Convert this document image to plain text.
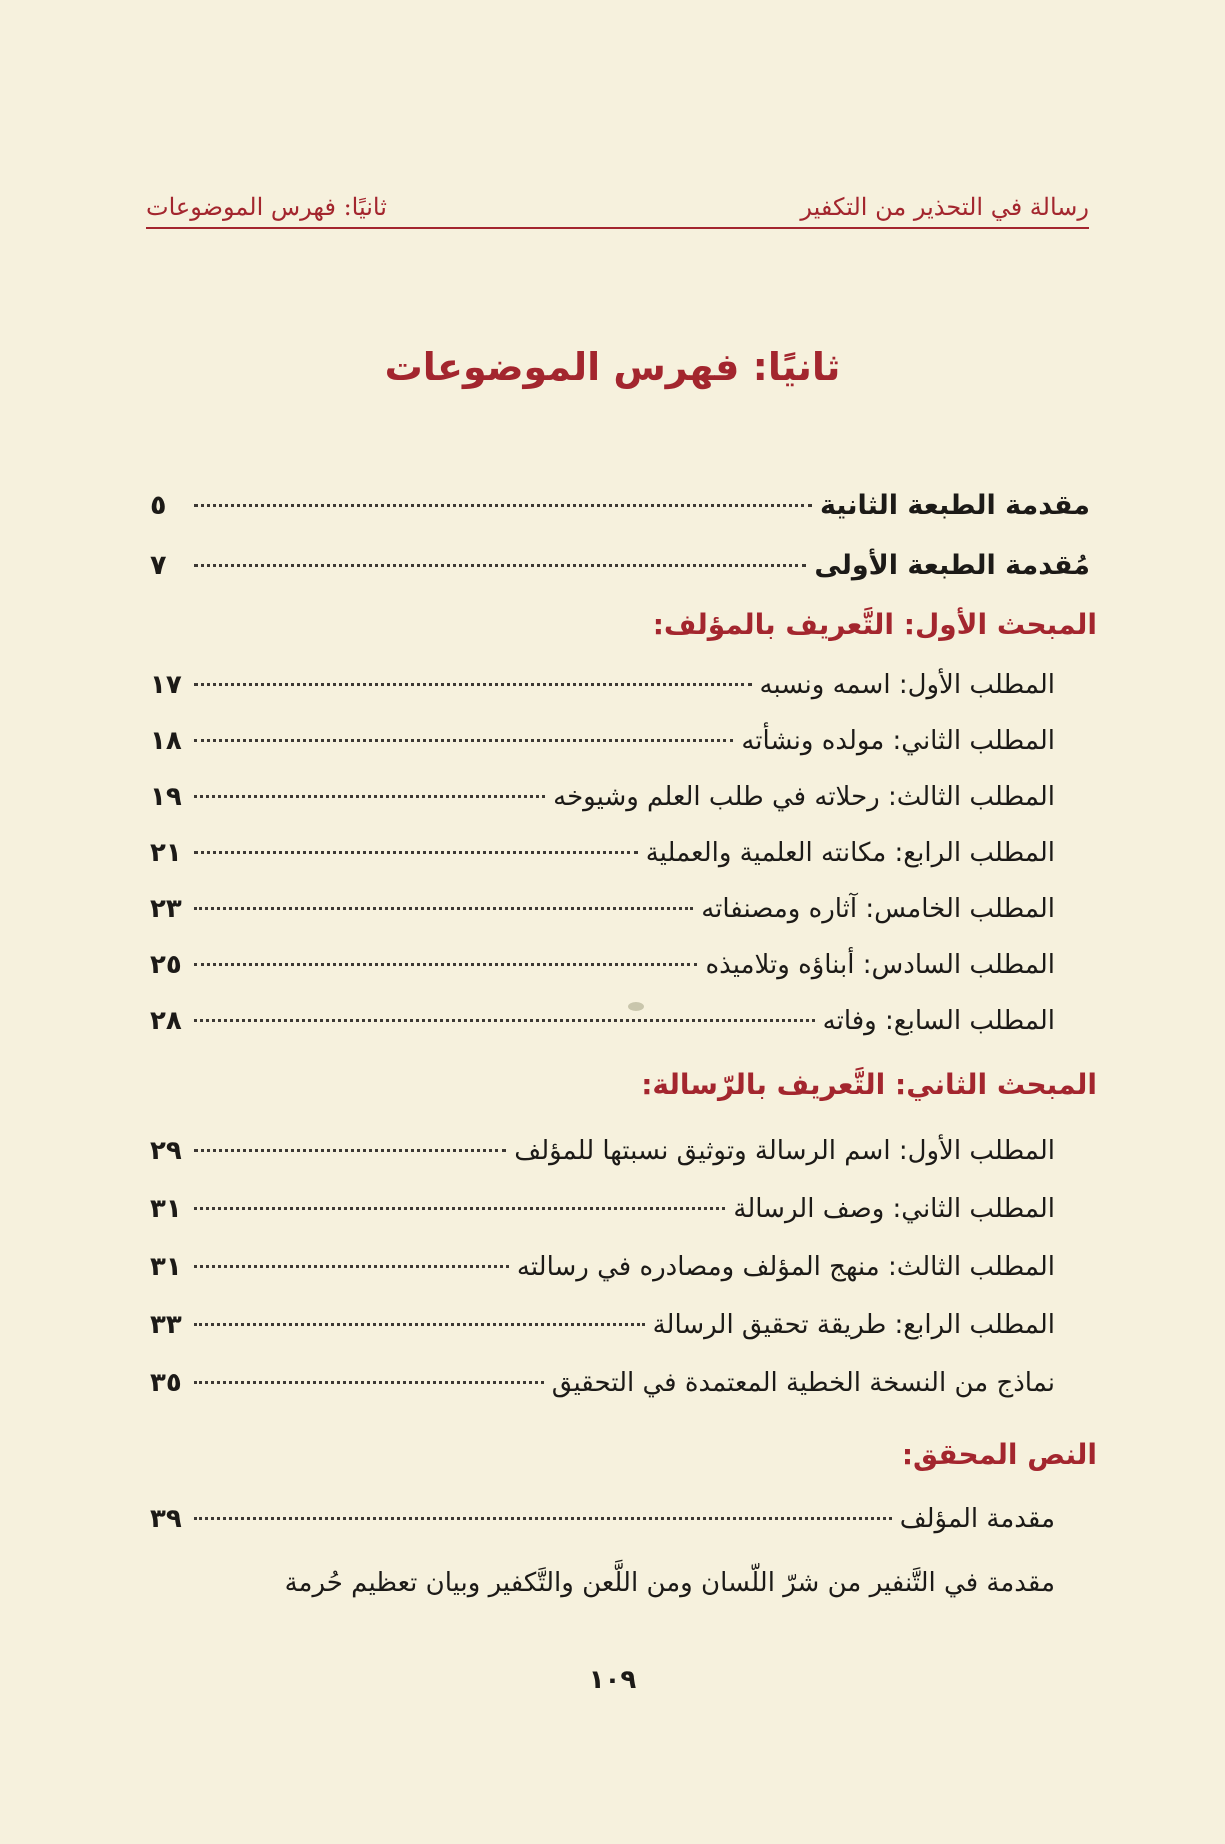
رسالة في التحذير من التكفير
ثانيًا: فهرس الموضوعات
ثانيًا: فهرس الموضوعات
مقدمة الطبعة الثانية
٥
مُقدمة الطبعة الأولى
٧
المبحث الأول: التَّعريف بالمؤلف:
المطلب الأول: اسمه ونسبه
١٧
المطلب الثاني: مولده ونشأته
١٨
المطلب الثالث: رحلاته في طلب العلم وشيوخه
١٩
المطلب الرابع: مكانته العلمية والعملية
٢١
المطلب الخامس: آثاره ومصنفاته
٢٣
المطلب السادس: أبناؤه وتلاميذه
٢٥
المطلب السابع: وفاته
٢٨
المبحث الثاني: التَّعريف بالرّسالة:
المطلب الأول: اسم الرسالة وتوثيق نسبتها للمؤلف
٢٩
المطلب الثاني: وصف الرسالة
٣١
المطلب الثالث: منهج المؤلف ومصادره في رسالته
٣١
المطلب الرابع: طريقة تحقيق الرسالة
٣٣
نماذج من النسخة الخطية المعتمدة في التحقيق
٣٥
النص المحقق:
مقدمة المؤلف
٣٩
مقدمة في التَّنفير من شرّ اللّسان ومن اللَّعن والتَّكفير وبيان تعظيم حُرمة
١٠٩
